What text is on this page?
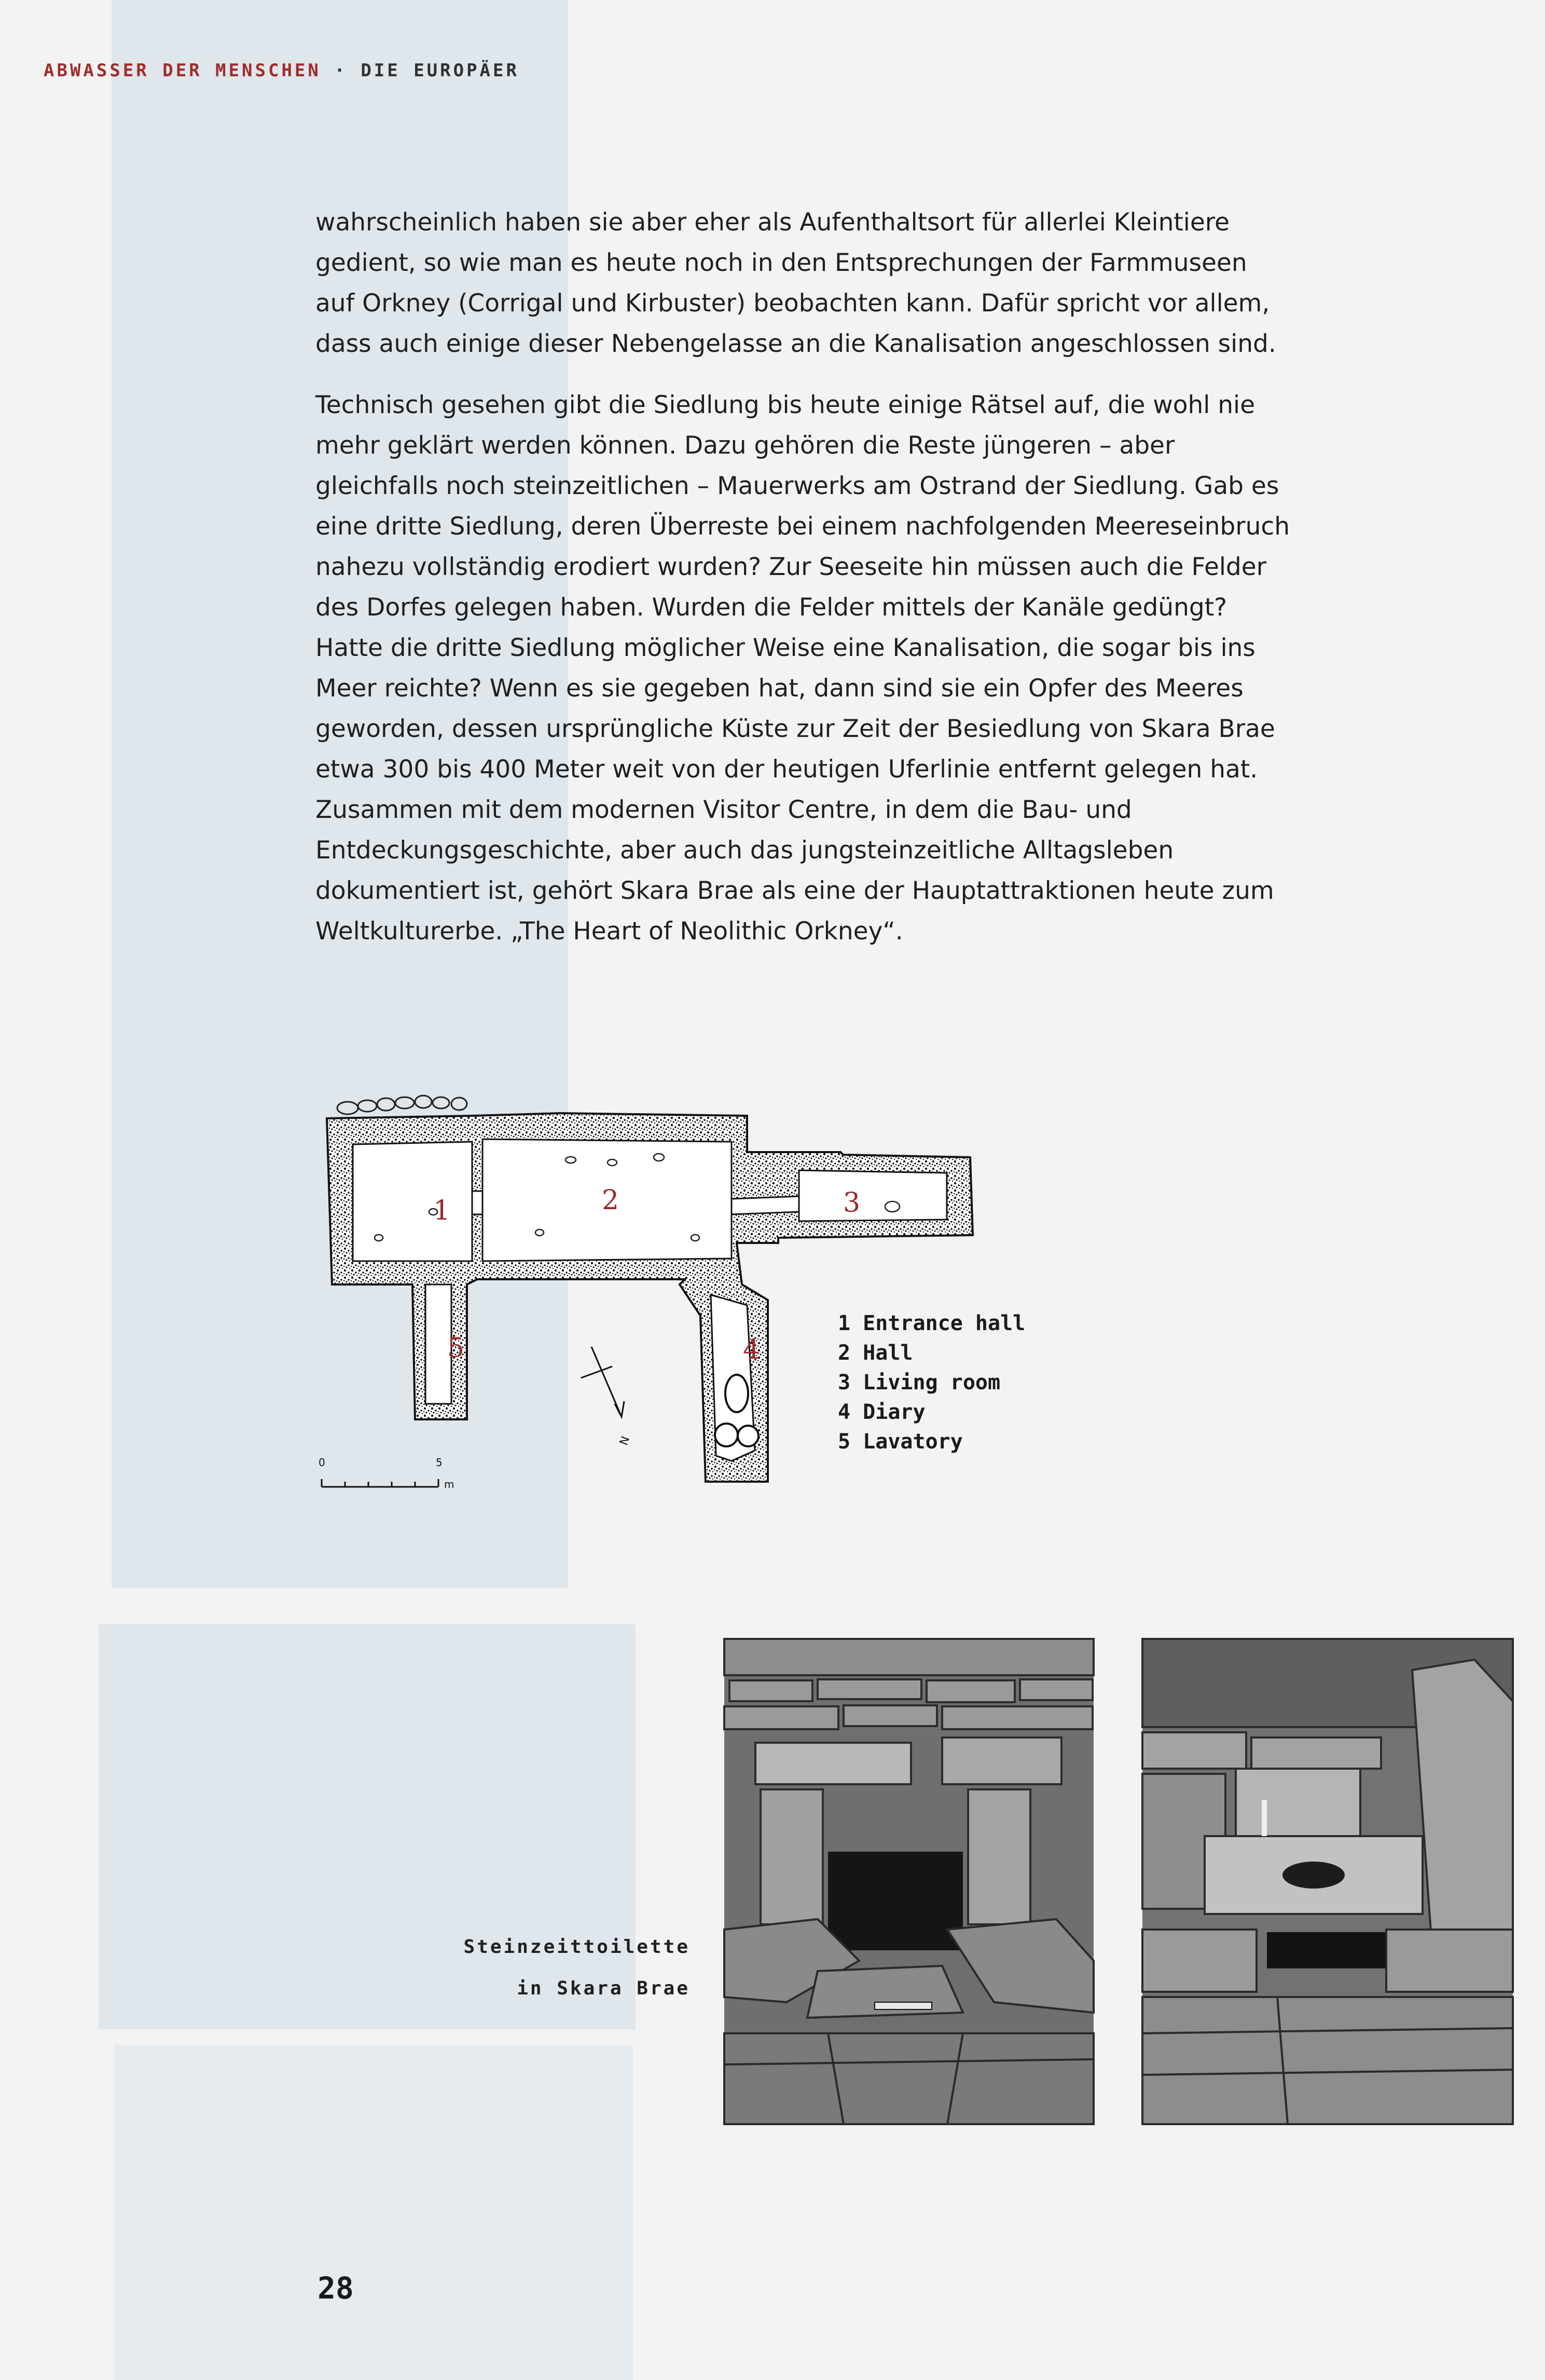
ABWASSER DER MENSCHEN · DIE EUROPÄER

wahrscheinlich haben sie aber eher als Aufenthaltsort für allerlei Kleintiere gedient, so wie man es heute noch in den Entsprechungen der Farmmuseen auf Orkney (Corrigal und Kirbuster) beobachten kann. Dafür spricht vor allem, dass auch einige dieser Nebengelasse an die Kanalisation angeschlossen sind.

Technisch gesehen gibt die Siedlung bis heute einige Rätsel auf, die wohl nie mehr geklärt werden können. Dazu gehören die Reste jüngeren – aber gleichfalls noch steinzeitlichen – Mauerwerks am Ostrand der Siedlung. Gab es eine dritte Siedlung, deren Überreste bei einem nachfolgenden Meereseinbruch nahezu vollständig erodiert wurden? Zur Seeseite hin müssen auch die Felder des Dorfes gelegen haben. Wurden die Felder mittels der Kanäle gedüngt? Hatte die dritte Siedlung möglicher Weise eine Kanalisation, die sogar bis ins Meer reichte? Wenn es sie gegeben hat, dann sind sie ein Opfer des Meeres geworden, dessen ursprüngliche Küste zur Zeit der Besiedlung von Skara Brae etwa 300 bis 400 Meter weit von der heutigen Uferlinie entfernt gelegen hat. Zusammen mit dem modernen Visitor Centre, in dem die Bau- und Entdeckungsgeschichte, aber auch das jungsteinzeitliche Alltagsleben dokumentiert ist, gehört Skara Brae als eine der Hauptattraktionen heute zum Weltkulturerbe. „The Heart of Neolithic Orkney“.

1	2	3
4
5
N
0	5
m
1 Entrance hall
2 Hall
3 Living room
4 Diary
5 Lavatory
Steinzeittoilette
in Skara Brae
28
